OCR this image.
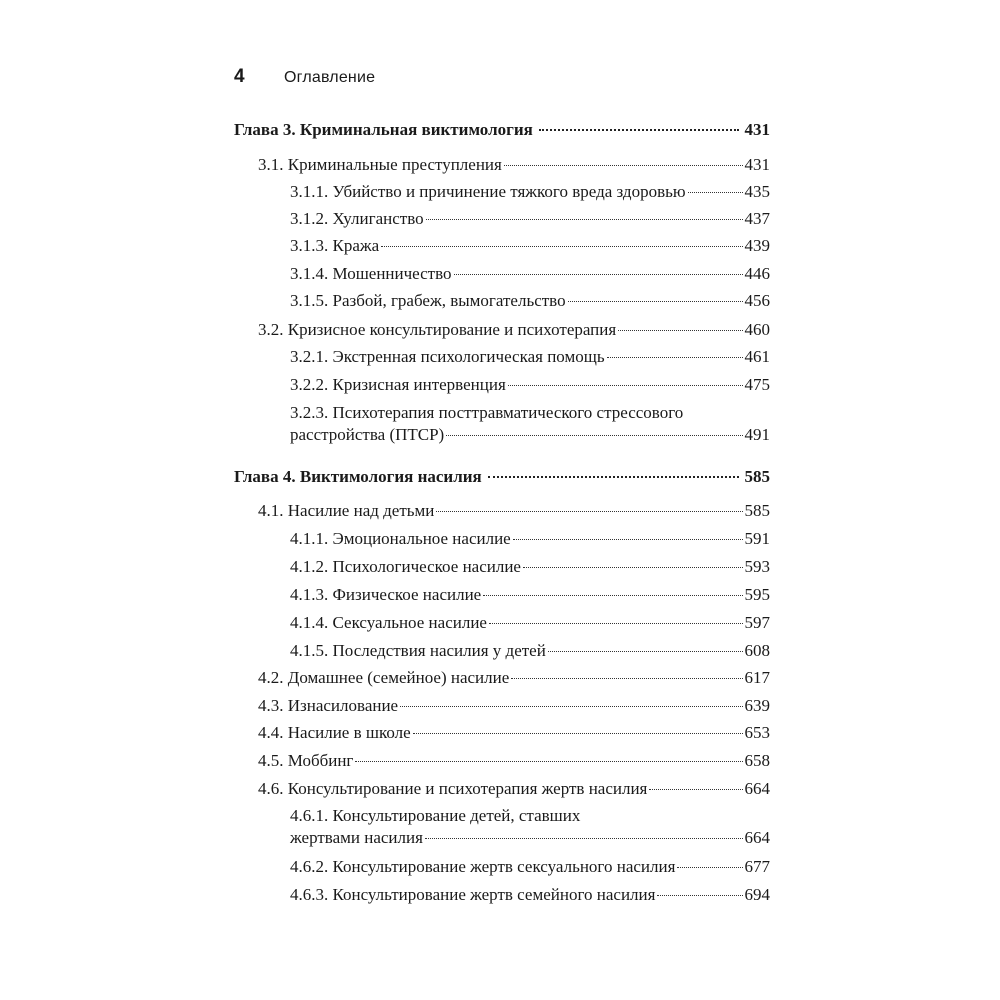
4	Оглавление
Глава 3. Криминальная виктимология	431
3.1. Криминальные преступления	431
3.1.1. Убийство и причинение тяжкого вреда здоровью	435
3.1.2. Хулиганство	437
3.1.3. Кража	439
3.1.4. Мошенничество	446
3.1.5. Разбой, грабеж, вымогательство	456
3.2. Кризисное консультирование и психотерапия	460
3.2.1. Экстренная психологическая помощь	461
3.2.2. Кризисная интервенция	475
3.2.3. Психотерапия посттравматического стрессового
расстройства (ПТСР)	491
Глава 4. Виктимология насилия	585
4.1. Насилие над детьми	585
4.1.1. Эмоциональное насилие	591
4.1.2. Психологическое насилие	593
4.1.3. Физическое насилие	595
4.1.4. Сексуальное насилие	597
4.1.5. Последствия насилия у детей	608
4.2. Домашнее (семейное) насилие	617
4.3. Изнасилование	639
4.4. Насилие в школе	653
4.5. Моббинг	658
4.6. Консультирование и психотерапия жертв насилия	664
4.6.1. Консультирование детей, ставших
жертвами насилия	664
4.6.2. Консультирование жертв сексуального насилия	677
4.6.3. Консультирование жертв семейного насилия	694
